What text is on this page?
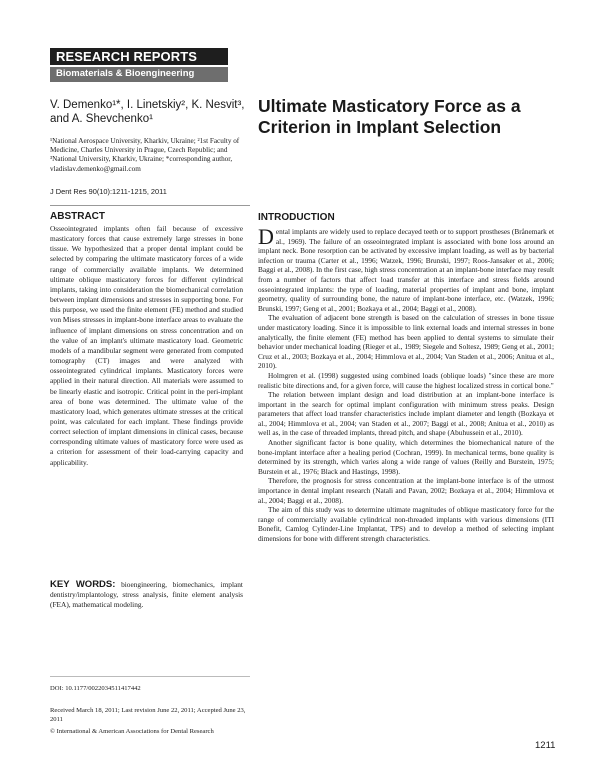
RESEARCH REPORTS
Biomaterials & Bioengineering
V. Demenko¹*, I. Linetskiy², K. Nesvit³,
and A. Shevchenko¹
¹National Aerospace University, Kharkiv, Ukraine; ²1st Faculty of Medicine, Charles University in Prague, Czech Republic; and ³National University, Kharkiv, Ukraine; *corresponding author, vladislav.demenko@gmail.com
J Dent Res 90(10):1211-1215, 2011
Ultimate Masticatory Force as a Criterion in Implant Selection
ABSTRACT

Osseointegrated implants often fail because of excessive masticatory forces that cause extremely large stresses in bone tissue. We hypothesized that a proper dental implant could be selected by comparing the ultimate masticatory forces of a wide range of commercially available implants. We determined ultimate oblique masticatory forces for different cylindrical implants, taking into consideration the biomechanical correlation between implant dimensions and stresses in supporting bone. For this purpose, we used the finite element (FE) method and studied von Mises stresses in implant-bone interface areas to evaluate the influence of implant dimensions on stress concentration and on the value of an implant's ultimate masticatory load. Geometric models of a mandibular segment were generated from computed tomography (CT) images and were analyzed with osseointegrated cylindrical implants. Masticatory forces were applied in their natural direction. All materials were assumed to be linearly elastic and isotropic. Critical point in the peri-implant area of bone was determined. The ultimate value of the masticatory load, which generates ultimate stresses at the critical point, was calculated for each implant. These findings provide correct selection of implant dimensions in clinical cases, because corresponding ultimate values of masticatory force were used as a criterion for assessment of their load-carrying capacity and applicability.

KEY WORDS: bioengineering, biomechanics, implant dentistry/implantology, stress analysis, finite element analysis (FEA), mathematical modeling.

DOI: 10.1177/0022034511417442
Received March 18, 2011; Last revision June 22, 2011; Accepted June 23, 2011
© International & American Associations for Dental Research
INTRODUCTION

Dental implants are widely used to replace decayed teeth or to support prostheses (Brånemark et al., 1969). The failure of an osseointegrated implant is associated with bone loss around an implant neck. Bone resorption can be activated by excessive implant loading, as well as by bacterial infection or trauma (Carter et al., 1996; Watzek, 1996; Brunski, 1997; Roos-Jansaker et al., 2006; Baggi et al., 2008). In the first case, high stress concentration at an implant-bone interface may result from a number of factors that affect load transfer at this interface and stress fields around osseointegrated implants: the type of loading, material properties of implant and bone, implant geometry, quality of surrounding bone, the nature of implant-bone interface, etc. (Watzek, 1996; Brunski, 1997; Geng et al., 2001; Bozkaya et al., 2004; Baggi et al., 2008).

The evaluation of adjacent bone strength is based on the calculation of stresses in bone tissue under masticatory loading. Since it is impossible to link external loads and internal stresses in bone analytically, the finite element (FE) method has been applied to dental systems to simulate their behavior under mechanical loading (Rieger et al., 1989; Siegele and Soltesz, 1989; Geng et al., 2001; Cruz et al., 2003; Bozkaya et al., 2004; Himmlova et al., 2004; Van Staden et al., 2006; Anitua et al., 2010).

Holmgren et al. (1998) suggested using combined loads (oblique loads) "since these are more realistic bite directions and, for a given force, will cause the highest localized stress in cortical bone."

The relation between implant design and load distribution at an implant-bone interface is important in the search for optimal implant configuration with minimum stress peaks. Design parameters that affect load transfer characteristics include implant diameter and length (Bozkaya et al., 2004; Himmlova et al., 2004; van Staden et al., 2007; Baggi et al., 2008; Anitua et al., 2010) as well as, in the case of threaded implants, thread pitch, and shape (Abuhussein et al., 2010).

Another significant factor is bone quality, which determines the biomechanical nature of the bone-implant interface after a healing period (Cochran, 1999). In mechanical terms, bone quality is determined by its strength, which varies along a wide range of values (Reilly and Burstein, 1975; Burstein et al., 1976; Black and Hastings, 1998).

Therefore, the prognosis for stress concentration at the implant-bone interface is of the utmost importance in dental implant research (Natali and Pavan, 2002; Bozkaya et al., 2004; Himmlova et al., 2004; Baggi et al., 2008).

The aim of this study was to determine ultimate magnitudes of oblique masticatory force for the range of commercially available cylindrical non-threaded implants with various dimensions (ITI Bonefit, Camlog Cylinder-Line Implantat, TPS) and to develop a method of selecting implant dimensions for bone with different strength characteristics.

1211
